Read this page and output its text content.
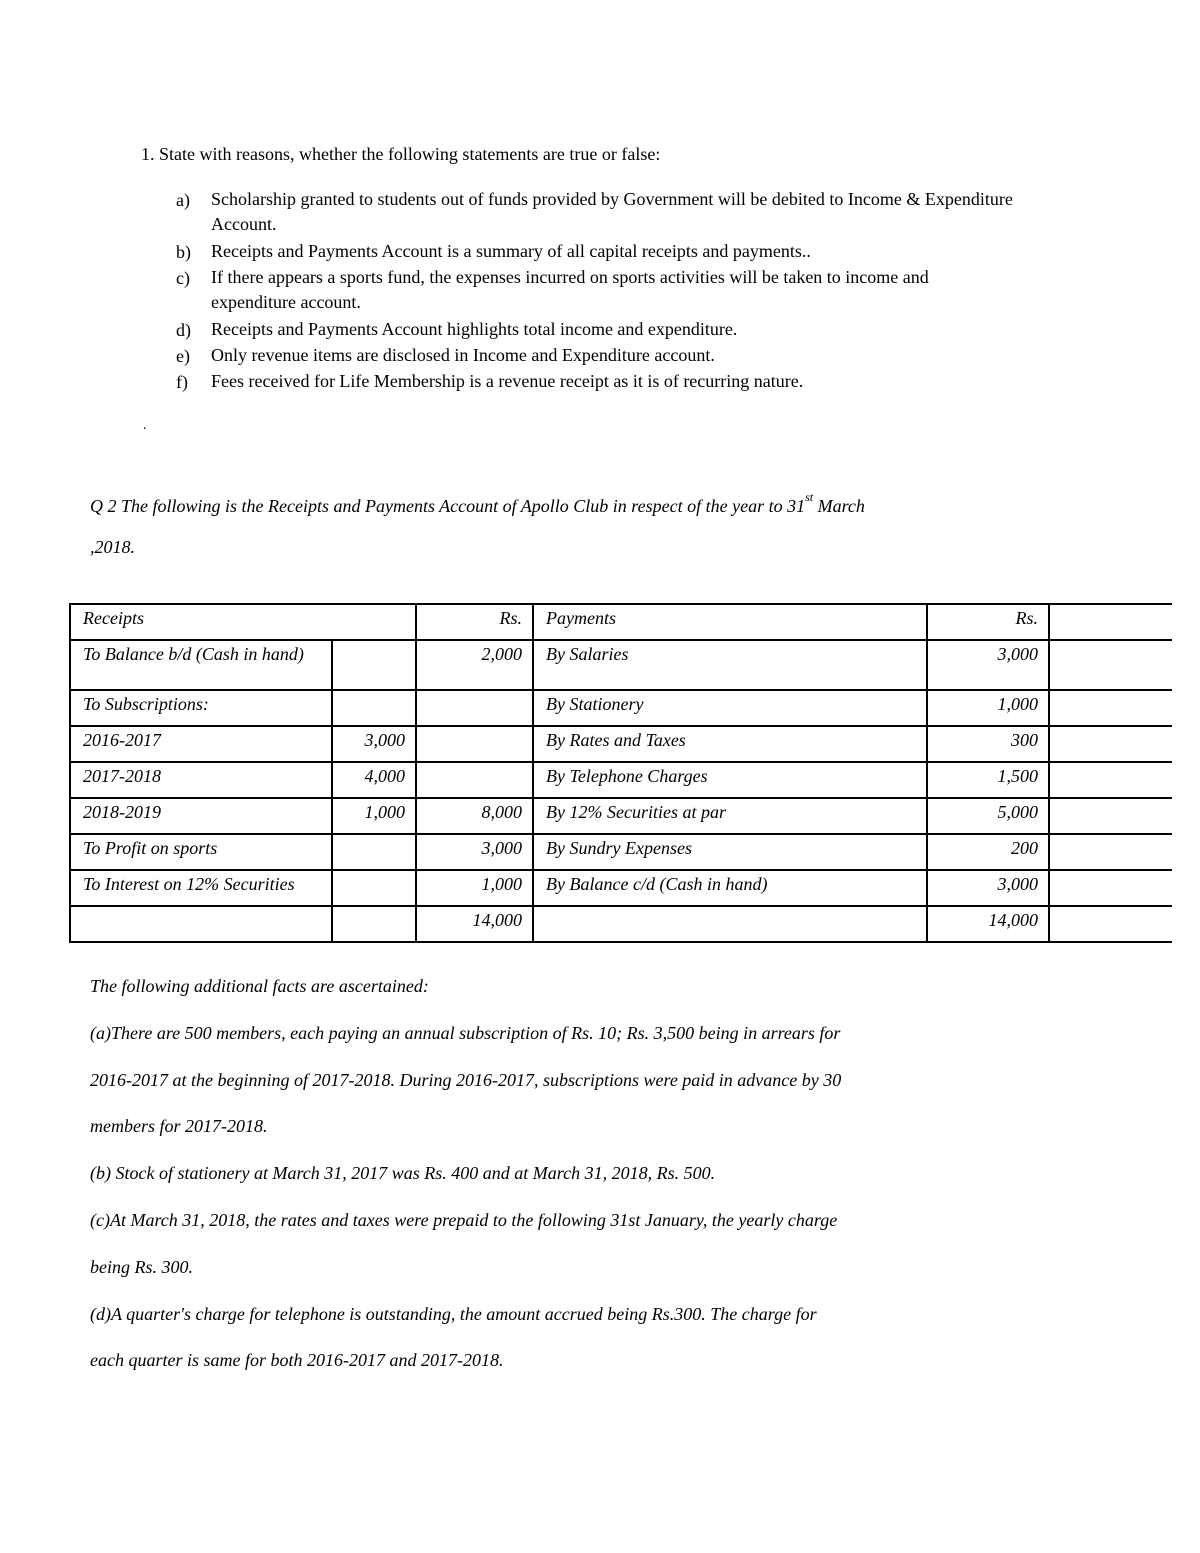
1. State with reasons, whether the following statements are true or false:
a)	Scholarship granted to students out of funds provided by Government will be debited to Income & Expenditure Account.
b)	Receipts and Payments Account is a summary of all capital receipts and payments..
c)	If there appears a sports fund, the expenses incurred on sports activities will be taken to income and expenditure account.
d)	Receipts and Payments Account highlights total income and expenditure.
e)	Only revenue items are disclosed in Income and Expenditure account.
f)	Fees received for Life Membership is a revenue receipt as it is of recurring nature.
.
Q 2 The following is the Receipts and Payments Account of Apollo Club in respect of the year to 31st March
,2018.
Receipts		Rs.	Payments	Rs.	
To Balance b/d (Cash in hand)		2,000	By Salaries	3,000	
To Subscriptions:			By Stationery	1,000	
2016-2017	3,000		By Rates and Taxes	300	
2017-2018	4,000		By Telephone Charges	1,500	
2018-2019	1,000	8,000	By 12% Securities at par	5,000	
To Profit on sports		3,000	By Sundry Expenses	200	
To Interest on 12% Securities		1,000	By Balance c/d (Cash in hand)	3,000	
		14,000		14,000	

The following additional facts are ascertained:

(a)There are 500 members, each paying an annual subscription of Rs. 10; Rs. 3,500 being in arrears for

2016-2017 at the beginning of 2017-2018. During 2016-2017, subscriptions were paid in advance by 30

members for 2017-2018.

(b) Stock of stationery at March 31, 2017 was Rs. 400 and at March 31, 2018, Rs. 500.

(c)At March 31, 2018, the rates and taxes were prepaid to the following 31st January, the yearly charge

being Rs. 300.

(d)A quarter's charge for telephone is outstanding, the amount accrued being Rs.300. The charge for

each quarter is same for both 2016-2017 and 2017-2018.
